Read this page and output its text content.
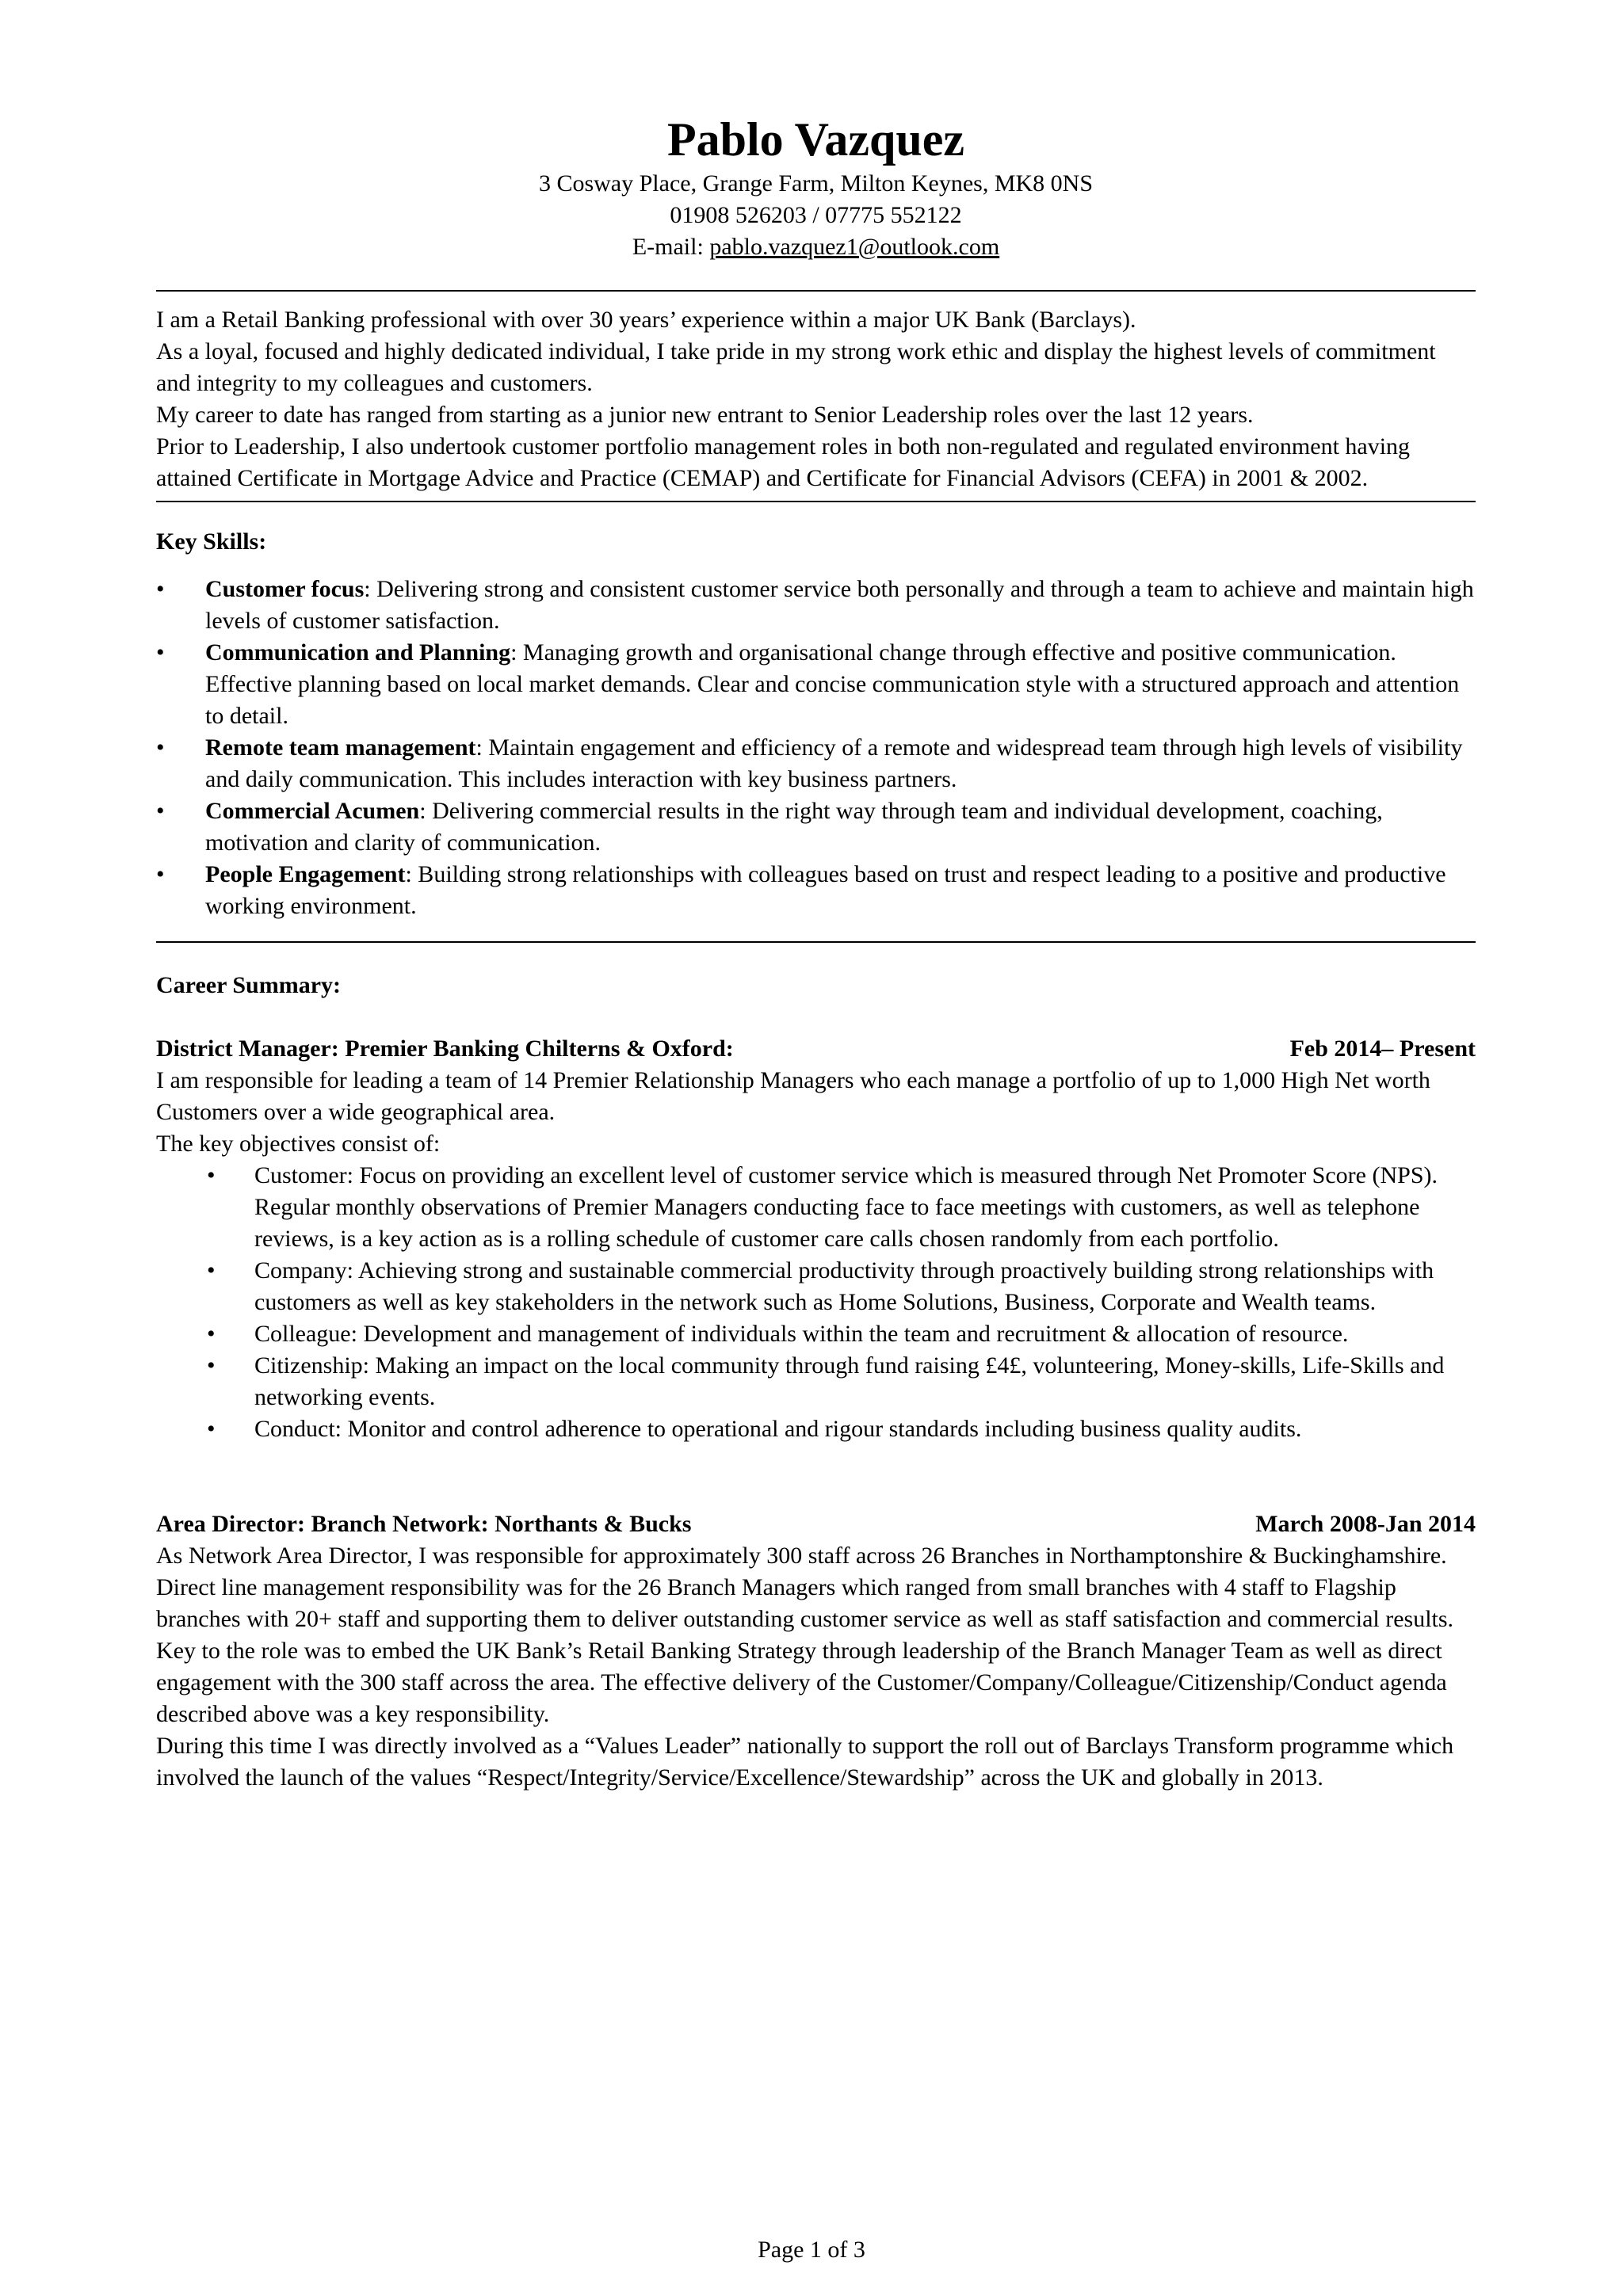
Pablo Vazquez

3 Cosway Place, Grange Farm, Milton Keynes, MK8 0NS

01908 526203 / 07775 552122

E-mail: pablo.vazquez1@outlook.com

I am a Retail Banking professional with over 30 years’ experience within a major UK Bank (Barclays).

As a loyal, focused and highly dedicated individual, I take pride in my strong work ethic and display the highest levels of commitment and integrity to my colleagues and customers.

My career to date has ranged from starting as a junior new entrant to Senior Leadership roles over the last 12 years.

Prior to Leadership, I also undertook customer portfolio management roles in both non-regulated and regulated environment having attained Certificate in Mortgage Advice and Practice (CEMAP) and Certificate for Financial Advisors (CEFA) in 2001 & 2002.

Key Skills:

•	Customer focus: Delivering strong and consistent customer service both personally and through a team to achieve and maintain high levels of customer satisfaction.
•	Communication and Planning: Managing growth and organisational change through effective and positive communication. Effective planning based on local market demands. Clear and concise communication style with a structured approach and attention to detail.
•	Remote team management: Maintain engagement and efficiency of a remote and widespread team through high levels of visibility and daily communication. This includes interaction with key business partners.
•	Commercial Acumen: Delivering commercial results in the right way through team and individual development, coaching, motivation and clarity of communication.
•	People Engagement: Building strong relationships with colleagues based on trust and respect leading to a positive and productive working environment.

Career Summary:

District Manager: Premier Banking Chilterns & Oxford:	Feb 2014– Present

I am responsible for leading a team of 14 Premier Relationship Managers who each manage a portfolio of up to 1,000 High Net worth Customers over a wide geographical area.

The key objectives consist of:

• Customer: Focus on providing an excellent level of customer service which is measured through Net Promoter Score (NPS). Regular monthly observations of Premier Managers conducting face to face meetings with customers, as well as telephone reviews, is a key action as is a rolling schedule of customer care calls chosen randomly from each portfolio.
• Company: Achieving strong and sustainable commercial productivity through proactively building strong relationships with customers as well as key stakeholders in the network such as Home Solutions, Business, Corporate and Wealth teams.
• Colleague: Development and management of individuals within the team and recruitment & allocation of resource.
• Citizenship: Making an impact on the local community through fund raising £4£, volunteering, Money-skills, Life-Skills and networking events.
• Conduct: Monitor and control adherence to operational and rigour standards including business quality audits.
Area Director: Branch Network: Northants & Bucks	March 2008-Jan 2014

As Network Area Director, I was responsible for approximately 300 staff across 26 Branches in Northamptonshire & Buckinghamshire. Direct line management responsibility was for the 26 Branch Managers which ranged from small branches with 4 staff to Flagship branches with 20+ staff and supporting them to deliver outstanding customer service as well as staff satisfaction and commercial results.

Key to the role was to embed the UK Bank’s Retail Banking Strategy through leadership of the Branch Manager Team as well as direct engagement with the 300 staff across the area. The effective delivery of the Customer/Company/Colleague/Citizenship/Conduct agenda described above was a key responsibility.

During this time I was directly involved as a “Values Leader” nationally to support the roll out of Barclays Transform programme which involved the launch of the values “Respect/Integrity/Service/Excellence/Stewardship” across the UK and globally in 2013.

Page 1 of 3
